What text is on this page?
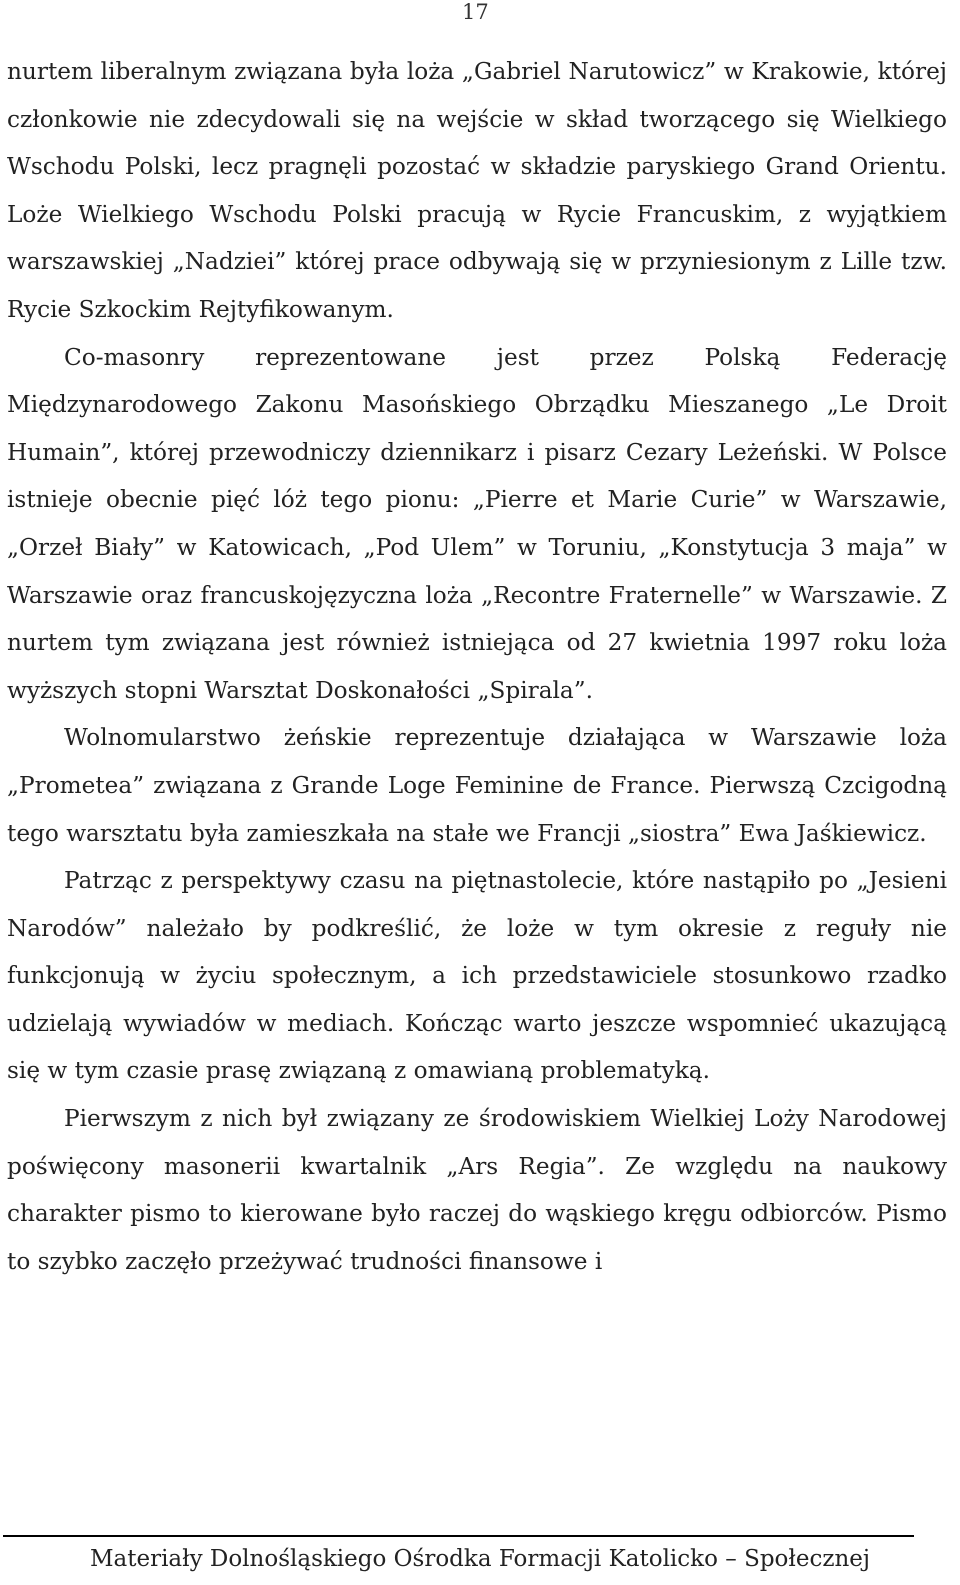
17

nurtem liberalnym związana była loża „Gabriel Narutowicz” w Krakowie, której członkowie nie zdecydowali się na wejście w skład tworzącego się Wielkiego Wschodu Polski, lecz pragnęli pozostać w składzie paryskiego Grand Orientu. Loże Wielkiego Wschodu Polski pracują w Rycie Francuskim, z wyjątkiem warszawskiej „Nadziei” której prace odbywają się w przyniesionym z Lille tzw. Rycie Szkockim Rejtyfikowanym.

Co-masonry reprezentowane jest przez Polską Federację Międzynarodowego Zakonu Masońskiego Obrządku Mieszanego „Le Droit Humain”, której przewodniczy dziennikarz i pisarz Cezary Leżeński. W Polsce istnieje obecnie pięć lóż tego pionu: „Pierre et Marie Curie” w Warszawie, „Orzeł Biały” w Katowicach, „Pod Ulem” w Toruniu, „Konstytucja 3 maja” w Warszawie oraz francuskojęzyczna loża „Recontre Fraternelle” w Warszawie. Z nurtem tym związana jest również istniejąca od 27 kwietnia 1997 roku loża wyższych stopni Warsztat Doskonałości „Spirala”.

Wolnomularstwo żeńskie reprezentuje działająca w Warszawie loża „Prometea” związana z Grande Loge Feminine de France. Pierwszą Czcigodną tego warsztatu była zamieszkała na stałe we Francji „siostra” Ewa Jaśkiewicz.

Patrząc z perspektywy czasu na piętnastolecie, które nastąpiło po „Jesieni Narodów” należało by podkreślić, że loże w tym okresie z reguły nie funkcjonują w życiu społecznym, a ich przedstawiciele stosunkowo rzadko udzielają wywiadów w mediach. Kończąc warto jeszcze wspomnieć ukazującą się w tym czasie prasę związaną z omawianą problematyką.

Pierwszym z nich był związany ze środowiskiem Wielkiej Loży Narodowej poświęcony masonerii kwartalnik „Ars Regia”. Ze względu na naukowy charakter pismo to kierowane było raczej do wąskiego kręgu odbiorców. Pismo to szybko zaczęło przeżywać trudności finansowe i

Materiały Dolnośląskiego Ośrodka Formacji Katolicko – Społecznej
